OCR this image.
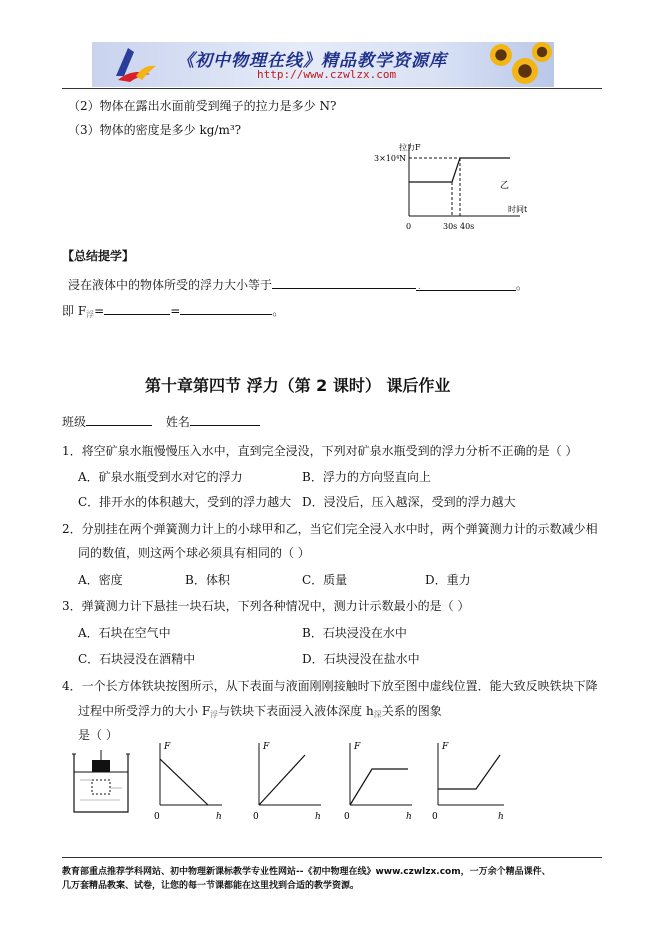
《初中物理在线》精品教学资源库
http://www.czwlzx.com
（2）物体在露出水面前受到绳子的拉力是多少 N?
（3）物体的密度是多少 kg/m³?
拉力F
3×10⁴N
时间t
0	30s 40s
乙
【总结提学】
浸在液体中的物体所受的浮力大小等于	.	。
即 $F_浮=$	=	。
第十章第四节 浮力（第 2 课时） 课后作业
班级	姓名
1．将空矿泉水瓶慢慢压入水中，直到完全浸没，下列对矿泉水瓶受到的浮力分析不正确的是（ ）
A．矿泉水瓶受到水对它的浮力	B．浮力的方向竖直向上
C．排开水的体积越大，受到的浮力越大 D．浸没后，压入越深，受到的浮力越大
2．分别挂在两个弹簧测力计上的小球甲和乙，当它们完全浸入水中时，两个弹簧测力计的示数减少相
同的数值，则这两个球必须具有相同的（ ）
A．密度	B．体积	C．质量	D．重力
3．弹簧测力计下悬挂一块石块，下列各种情况中，测力计示数最小的是（ ）
A．石块在空气中	B．石块浸没在水中
C．石块浸没在酒精中	D．石块浸没在盐水中
4．一个长方体铁块按图所示，从下表面与液面刚刚接触时下放至图中虚线位置．能大致反映铁块下降
过程中所受浮力的大小 $F_浮$与铁块下表面浸入液体深度 $h_深$关系的图象
是（ ）
F
h
0
F
h
0
F
h
0
F
h
0
教育部重点推荐学科网站、初中物理新课标教学专业性网站--《初中物理在线》www.czwlzx.com，一万余个精品课件、
几万套精品教案、试卷，让您的每一节课都能在这里找到合适的教学资源。
